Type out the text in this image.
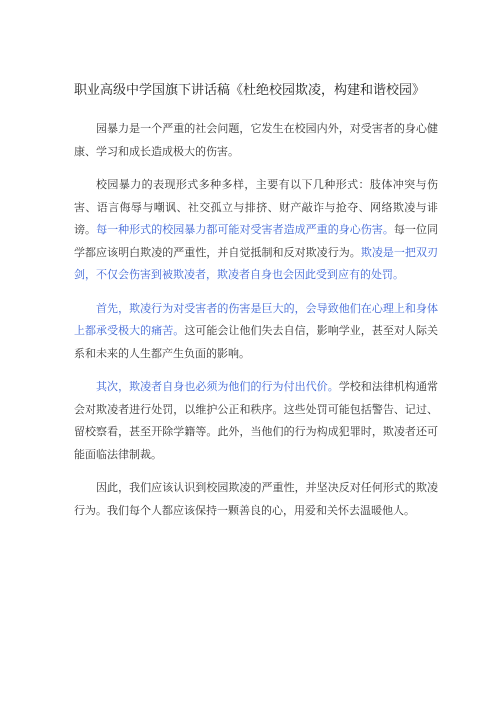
职业高级中学国旗下讲话稿《杜绝校园欺凌，构建和谐校园》

园暴力是一个严重的社会问题，它发生在校园内外，对受害者的身心健康、学习和成长造成极大的伤害。

校园暴力的表现形式多种多样，主要有以下几种形式：肢体冲突与伤害、语言侮辱与嘲讽、社交孤立与排挤、财产敲诈与抢夺、网络欺凌与诽谤。每一种形式的校园暴力都可能对受害者造成严重的身心伤害。每一位同学都应该明白欺凌的严重性，并自觉抵制和反对欺凌行为。欺凌是一把双刃剑，不仅会伤害到被欺凌者，欺凌者自身也会因此受到应有的处罚。

首先，欺凌行为对受害者的伤害是巨大的，会导致他们在心理上和身体上都承受极大的痛苦。这可能会让他们失去自信，影响学业，甚至对人际关系和未来的人生都产生负面的影响。

其次，欺凌者自身也必须为他们的行为付出代价。学校和法律机构通常会对欺凌者进行处罚，以维护公正和秩序。这些处罚可能包括警告、记过、留校察看，甚至开除学籍等。此外，当他们的行为构成犯罪时，欺凌者还可能面临法律制裁。

因此，我们应该认识到校园欺凌的严重性，并坚决反对任何形式的欺凌行为。我们每个人都应该保持一颗善良的心，用爱和关怀去温暖他人。
